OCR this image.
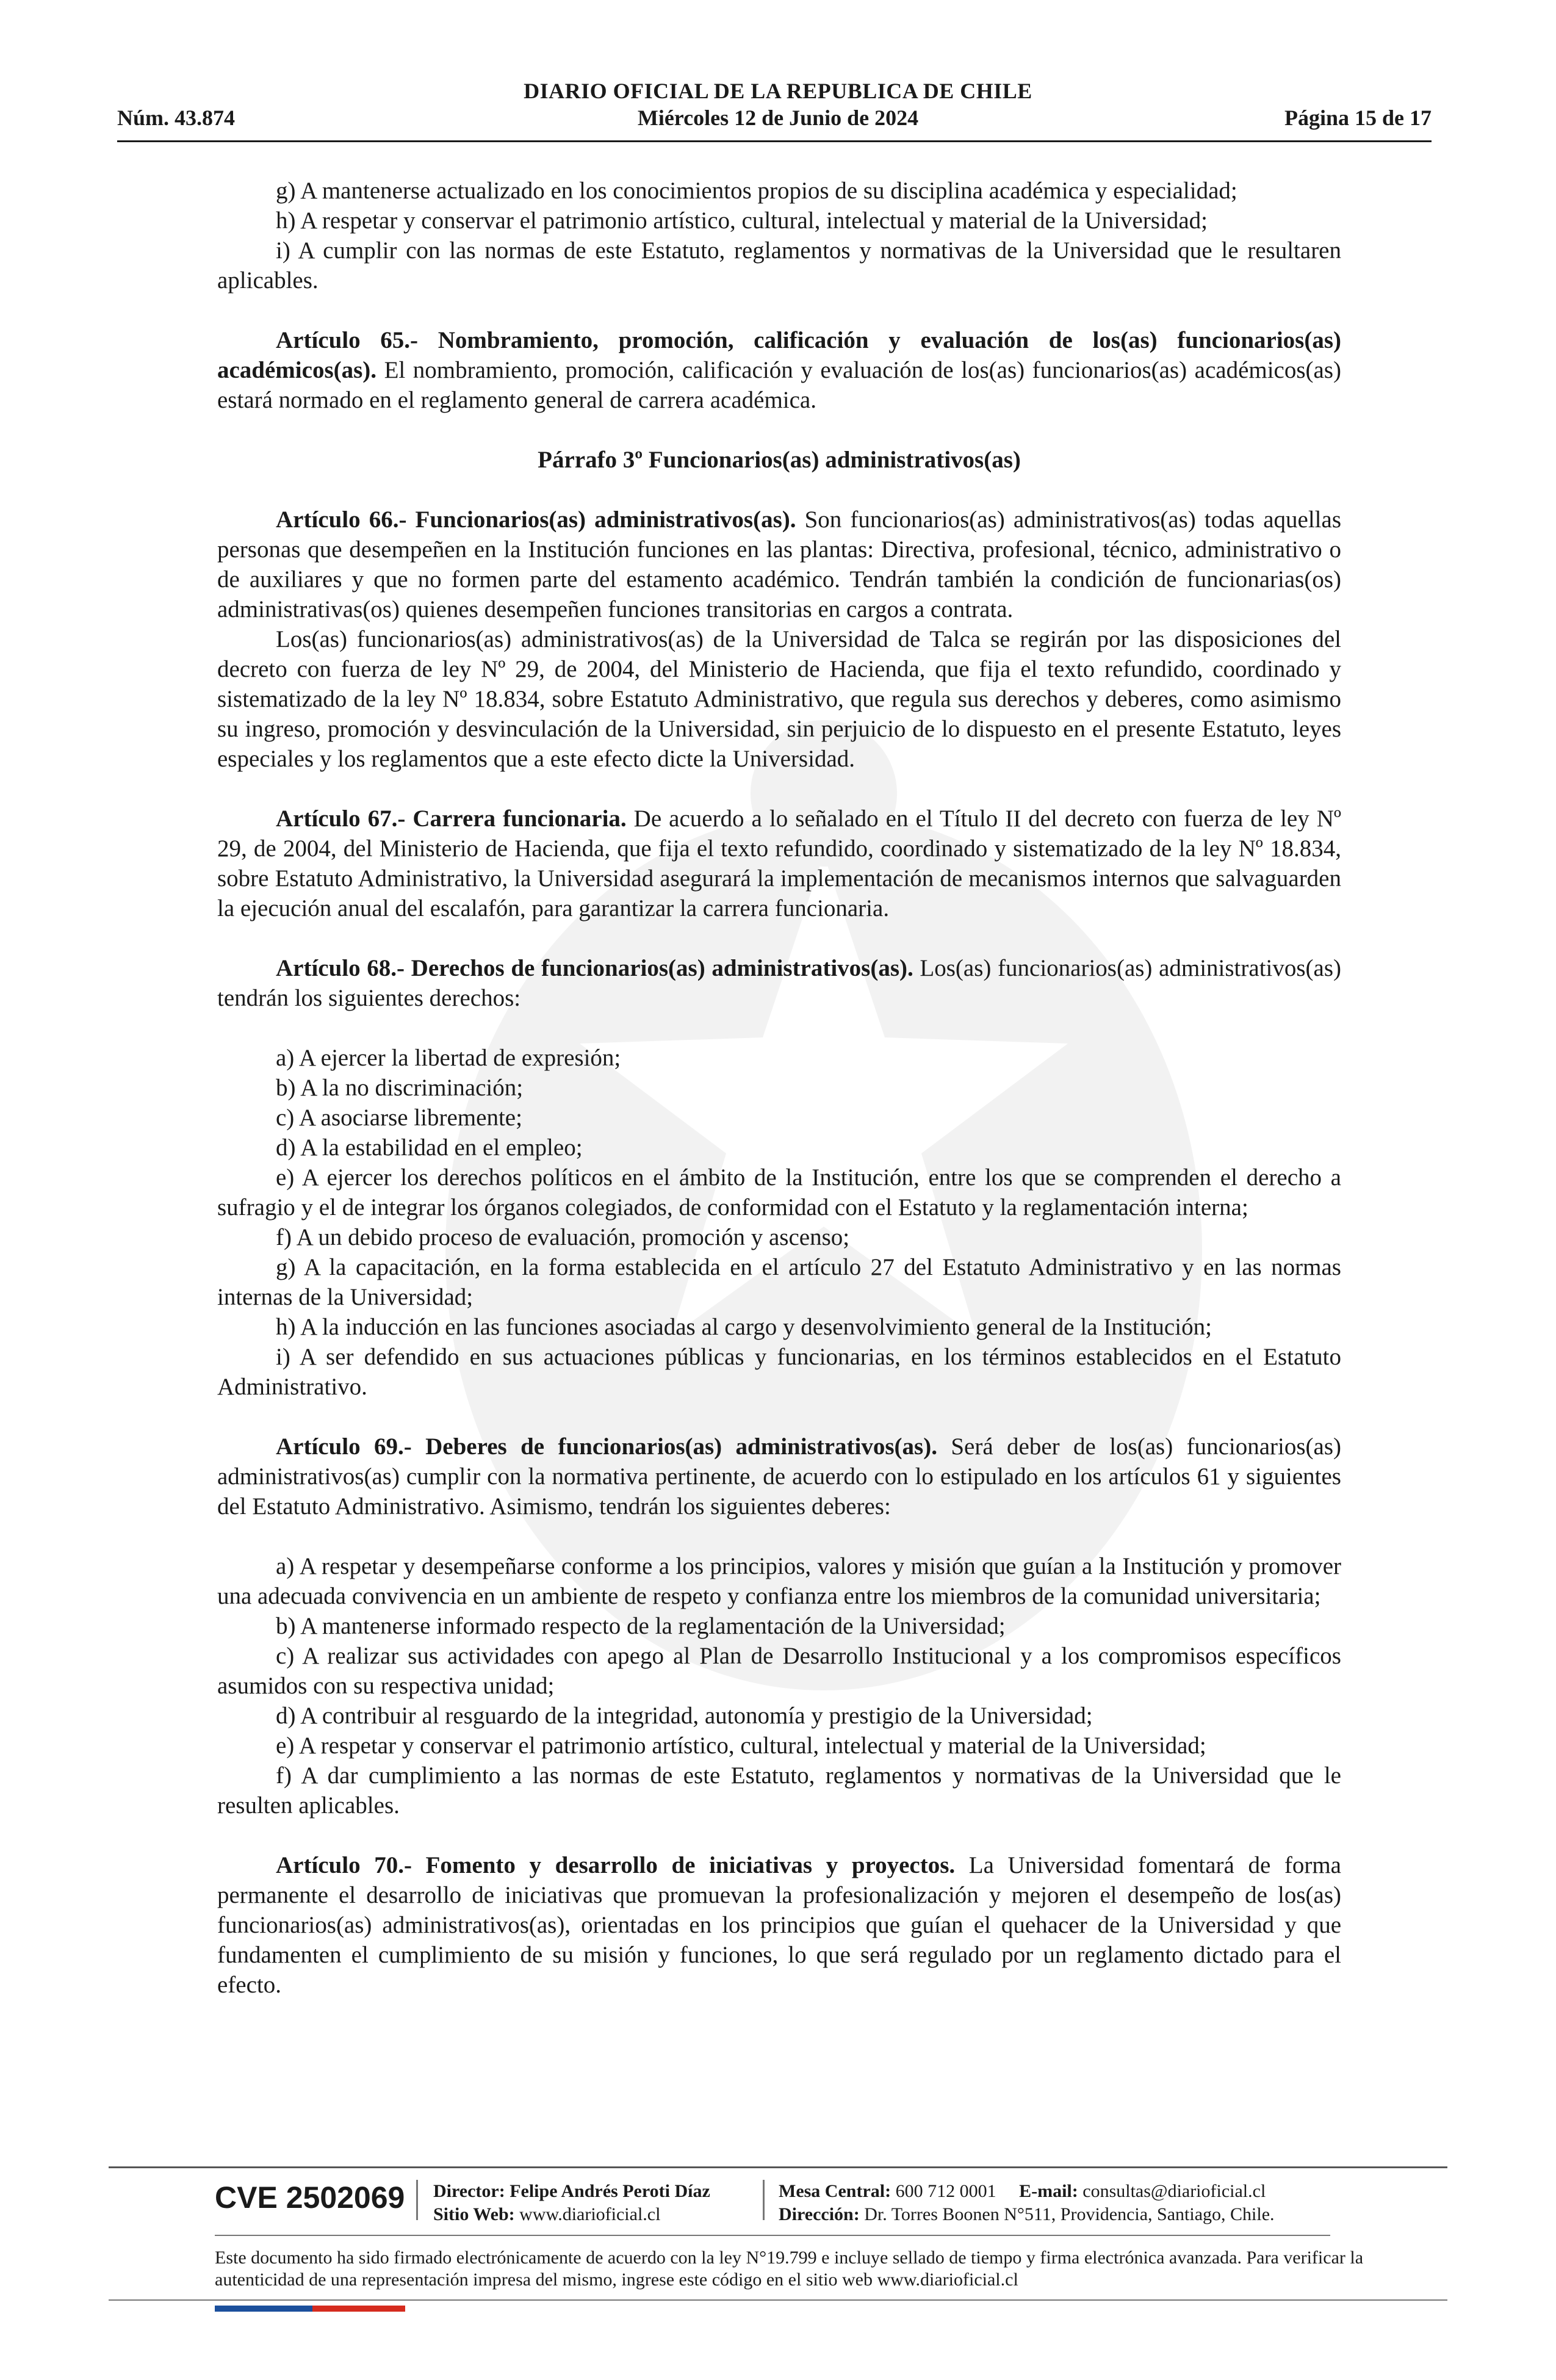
DIARIO OFICIAL DE LA REPUBLICA DE CHILE
Núm. 43.874	Miércoles 12 de Junio de 2024	Página 15 de 17

g) A mantenerse actualizado en los conocimientos propios de su disciplina académica y especialidad;

h) A respetar y conservar el patrimonio artístico, cultural, intelectual y material de la Universidad;

i) A cumplir con las normas de este Estatuto, reglamentos y normativas de la Universidad que le resultaren aplicables.

Artículo 65.- Nombramiento, promoción, calificación y evaluación de los(as) funcionarios(as) académicos(as). El nombramiento, promoción, calificación y evaluación de los(as) funcionarios(as) académicos(as) estará normado en el reglamento general de carrera académica.

Párrafo 3º Funcionarios(as) administrativos(as)

Artículo 66.- Funcionarios(as) administrativos(as). Son funcionarios(as) administrativos(as) todas aquellas personas que desempeñen en la Institución funciones en las plantas: Directiva, profesional, técnico, administrativo o de auxiliares y que no formen parte del estamento académico. Tendrán también la condición de funcionarias(os) administrativas(os) quienes desempeñen funciones transitorias en cargos a contrata.

Los(as) funcionarios(as) administrativos(as) de la Universidad de Talca se regirán por las disposiciones del decreto con fuerza de ley Nº 29, de 2004, del Ministerio de Hacienda, que fija el texto refundido, coordinado y sistematizado de la ley Nº 18.834, sobre Estatuto Administrativo, que regula sus derechos y deberes, como asimismo su ingreso, promoción y desvinculación de la Universidad, sin perjuicio de lo dispuesto en el presente Estatuto, leyes especiales y los reglamentos que a este efecto dicte la Universidad.

Artículo 67.- Carrera funcionaria. De acuerdo a lo señalado en el Título II del decreto con fuerza de ley Nº 29, de 2004, del Ministerio de Hacienda, que fija el texto refundido, coordinado y sistematizado de la ley Nº 18.834, sobre Estatuto Administrativo, la Universidad asegurará la implementación de mecanismos internos que salvaguarden la ejecución anual del escalafón, para garantizar la carrera funcionaria.

Artículo 68.- Derechos de funcionarios(as) administrativos(as). Los(as) funcionarios(as) administrativos(as) tendrán los siguientes derechos:

a) A ejercer la libertad de expresión;

b) A la no discriminación;

c) A asociarse libremente;

d) A la estabilidad en el empleo;

e) A ejercer los derechos políticos en el ámbito de la Institución, entre los que se comprenden el derecho a sufragio y el de integrar los órganos colegiados, de conformidad con el Estatuto y la reglamentación interna;

f) A un debido proceso de evaluación, promoción y ascenso;

g) A la capacitación, en la forma establecida en el artículo 27 del Estatuto Administrativo y en las normas internas de la Universidad;

h) A la inducción en las funciones asociadas al cargo y desenvolvimiento general de la Institución;

i) A ser defendido en sus actuaciones públicas y funcionarias, en los términos establecidos en el Estatuto Administrativo.

Artículo 69.- Deberes de funcionarios(as) administrativos(as). Será deber de los(as) funcionarios(as) administrativos(as) cumplir con la normativa pertinente, de acuerdo con lo estipulado en los artículos 61 y siguientes del Estatuto Administrativo. Asimismo, tendrán los siguientes deberes:

a) A respetar y desempeñarse conforme a los principios, valores y misión que guían a la Institución y promover una adecuada convivencia en un ambiente de respeto y confianza entre los miembros de la comunidad universitaria;

b) A mantenerse informado respecto de la reglamentación de la Universidad;

c) A realizar sus actividades con apego al Plan de Desarrollo Institucional y a los compromisos específicos asumidos con su respectiva unidad;

d) A contribuir al resguardo de la integridad, autonomía y prestigio de la Universidad;

e) A respetar y conservar el patrimonio artístico, cultural, intelectual y material de la Universidad;

f) A dar cumplimiento a las normas de este Estatuto, reglamentos y normativas de la Universidad que le resulten aplicables.

Artículo 70.- Fomento y desarrollo de iniciativas y proyectos. La Universidad fomentará de forma permanente el desarrollo de iniciativas que promuevan la profesionalización y mejoren el desempeño de los(as) funcionarios(as) administrativos(as), orientadas en los principios que guían el quehacer de la Universidad y que fundamenten el cumplimiento de su misión y funciones, lo que será regulado por un reglamento dictado para el efecto.

CVE 2502069 Director: Felipe Andrés Peroti Díaz
Sitio Web: www.diarioficial.cl
Mesa Central: 600 712 0001 E-mail: consultas@diarioficial.cl
Dirección: Dr. Torres Boonen N°511, Providencia, Santiago, Chile.
Este documento ha sido firmado electrónicamente de acuerdo con la ley N°19.799 e incluye sellado de tiempo y firma electrónica avanzada. Para verificar la autenticidad de una representación impresa del mismo, ingrese este código en el sitio web www.diarioficial.cl
